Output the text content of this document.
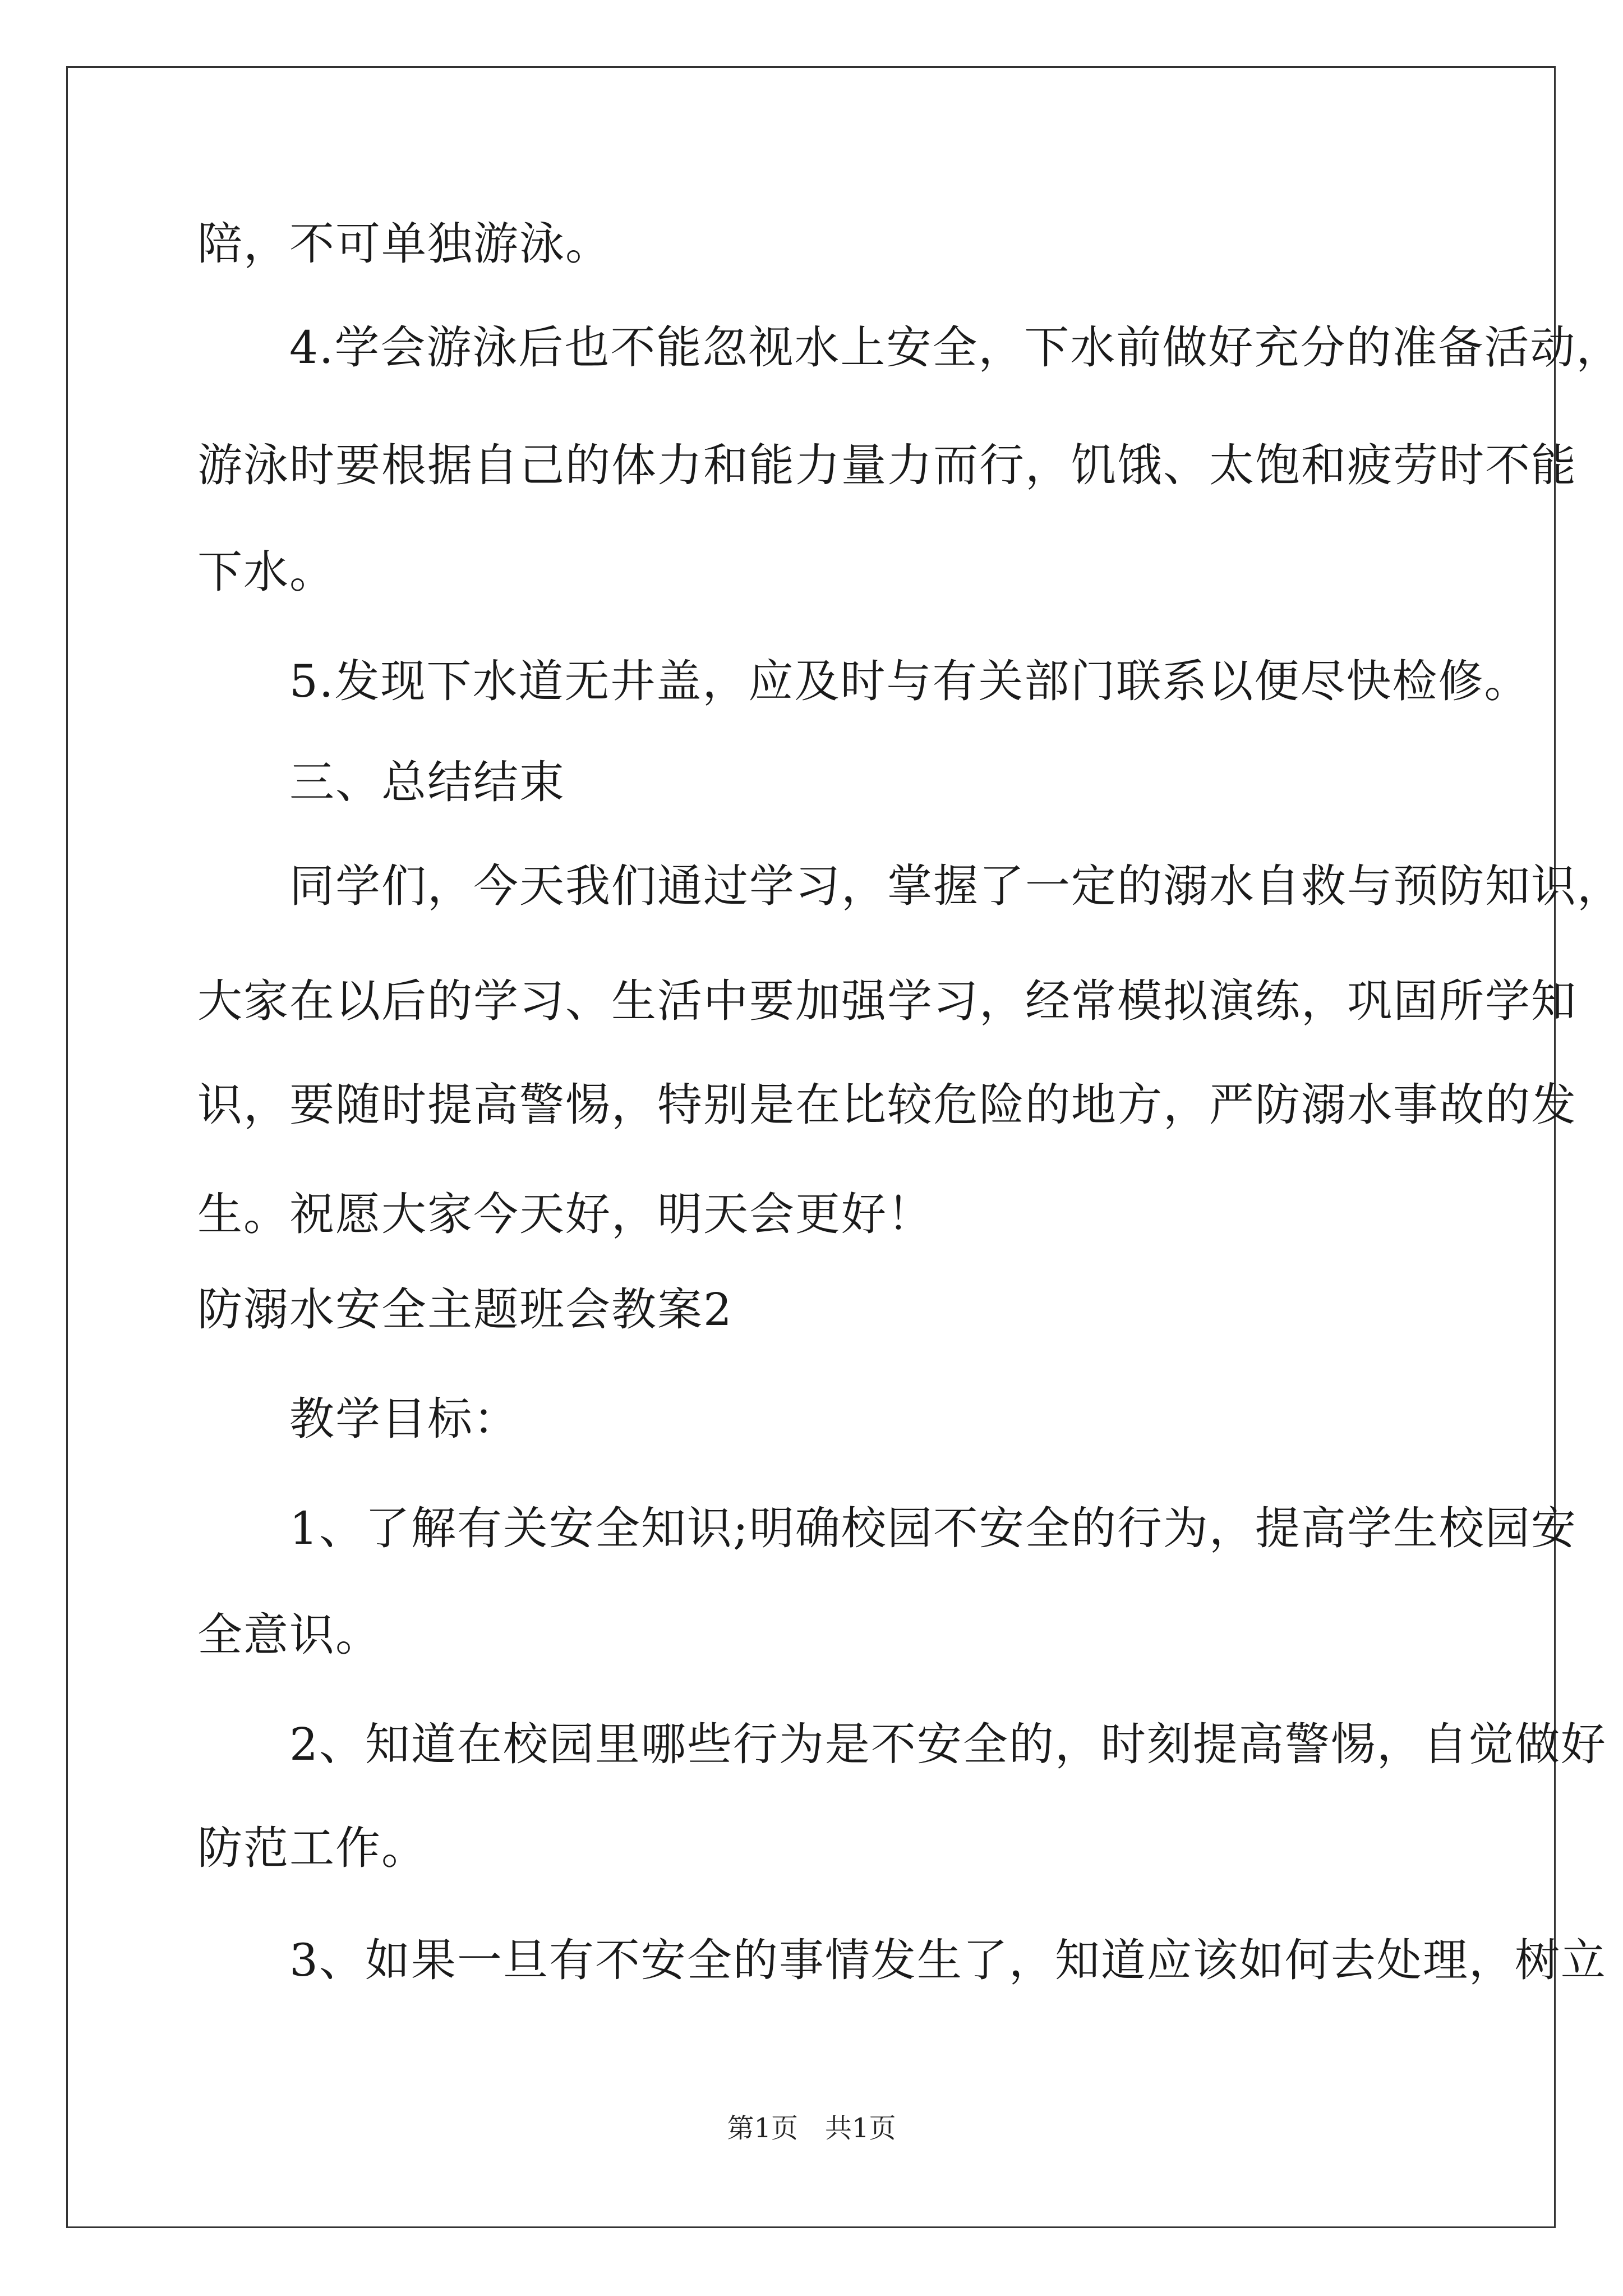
陪，不可单独游泳。
　　4.学会游泳后也不能忽视水上安全，下水前做好充分的准备活动，
游泳时要根据自己的体力和能力量力而行，饥饿、太饱和疲劳时不能
下水。
　　5.发现下水道无井盖，应及时与有关部门联系以便尽快检修。
　　三、总结结束
　　同学们，今天我们通过学习，掌握了一定的溺水自救与预防知识，
大家在以后的学习、生活中要加强学习，经常模拟演练，巩固所学知
识，要随时提高警惕，特别是在比较危险的地方，严防溺水事故的发
生。祝愿大家今天好，明天会更好！
防溺水安全主题班会教案2
　　教学目标：
　　1、了解有关安全知识;明确校园不安全的行为，提高学生校园安
全意识。
　　2、知道在校园里哪些行为是不安全的，时刻提高警惕，自觉做好
防范工作。
　　3、如果一旦有不安全的事情发生了，知道应该如何去处理，树立
第1页　共1页
